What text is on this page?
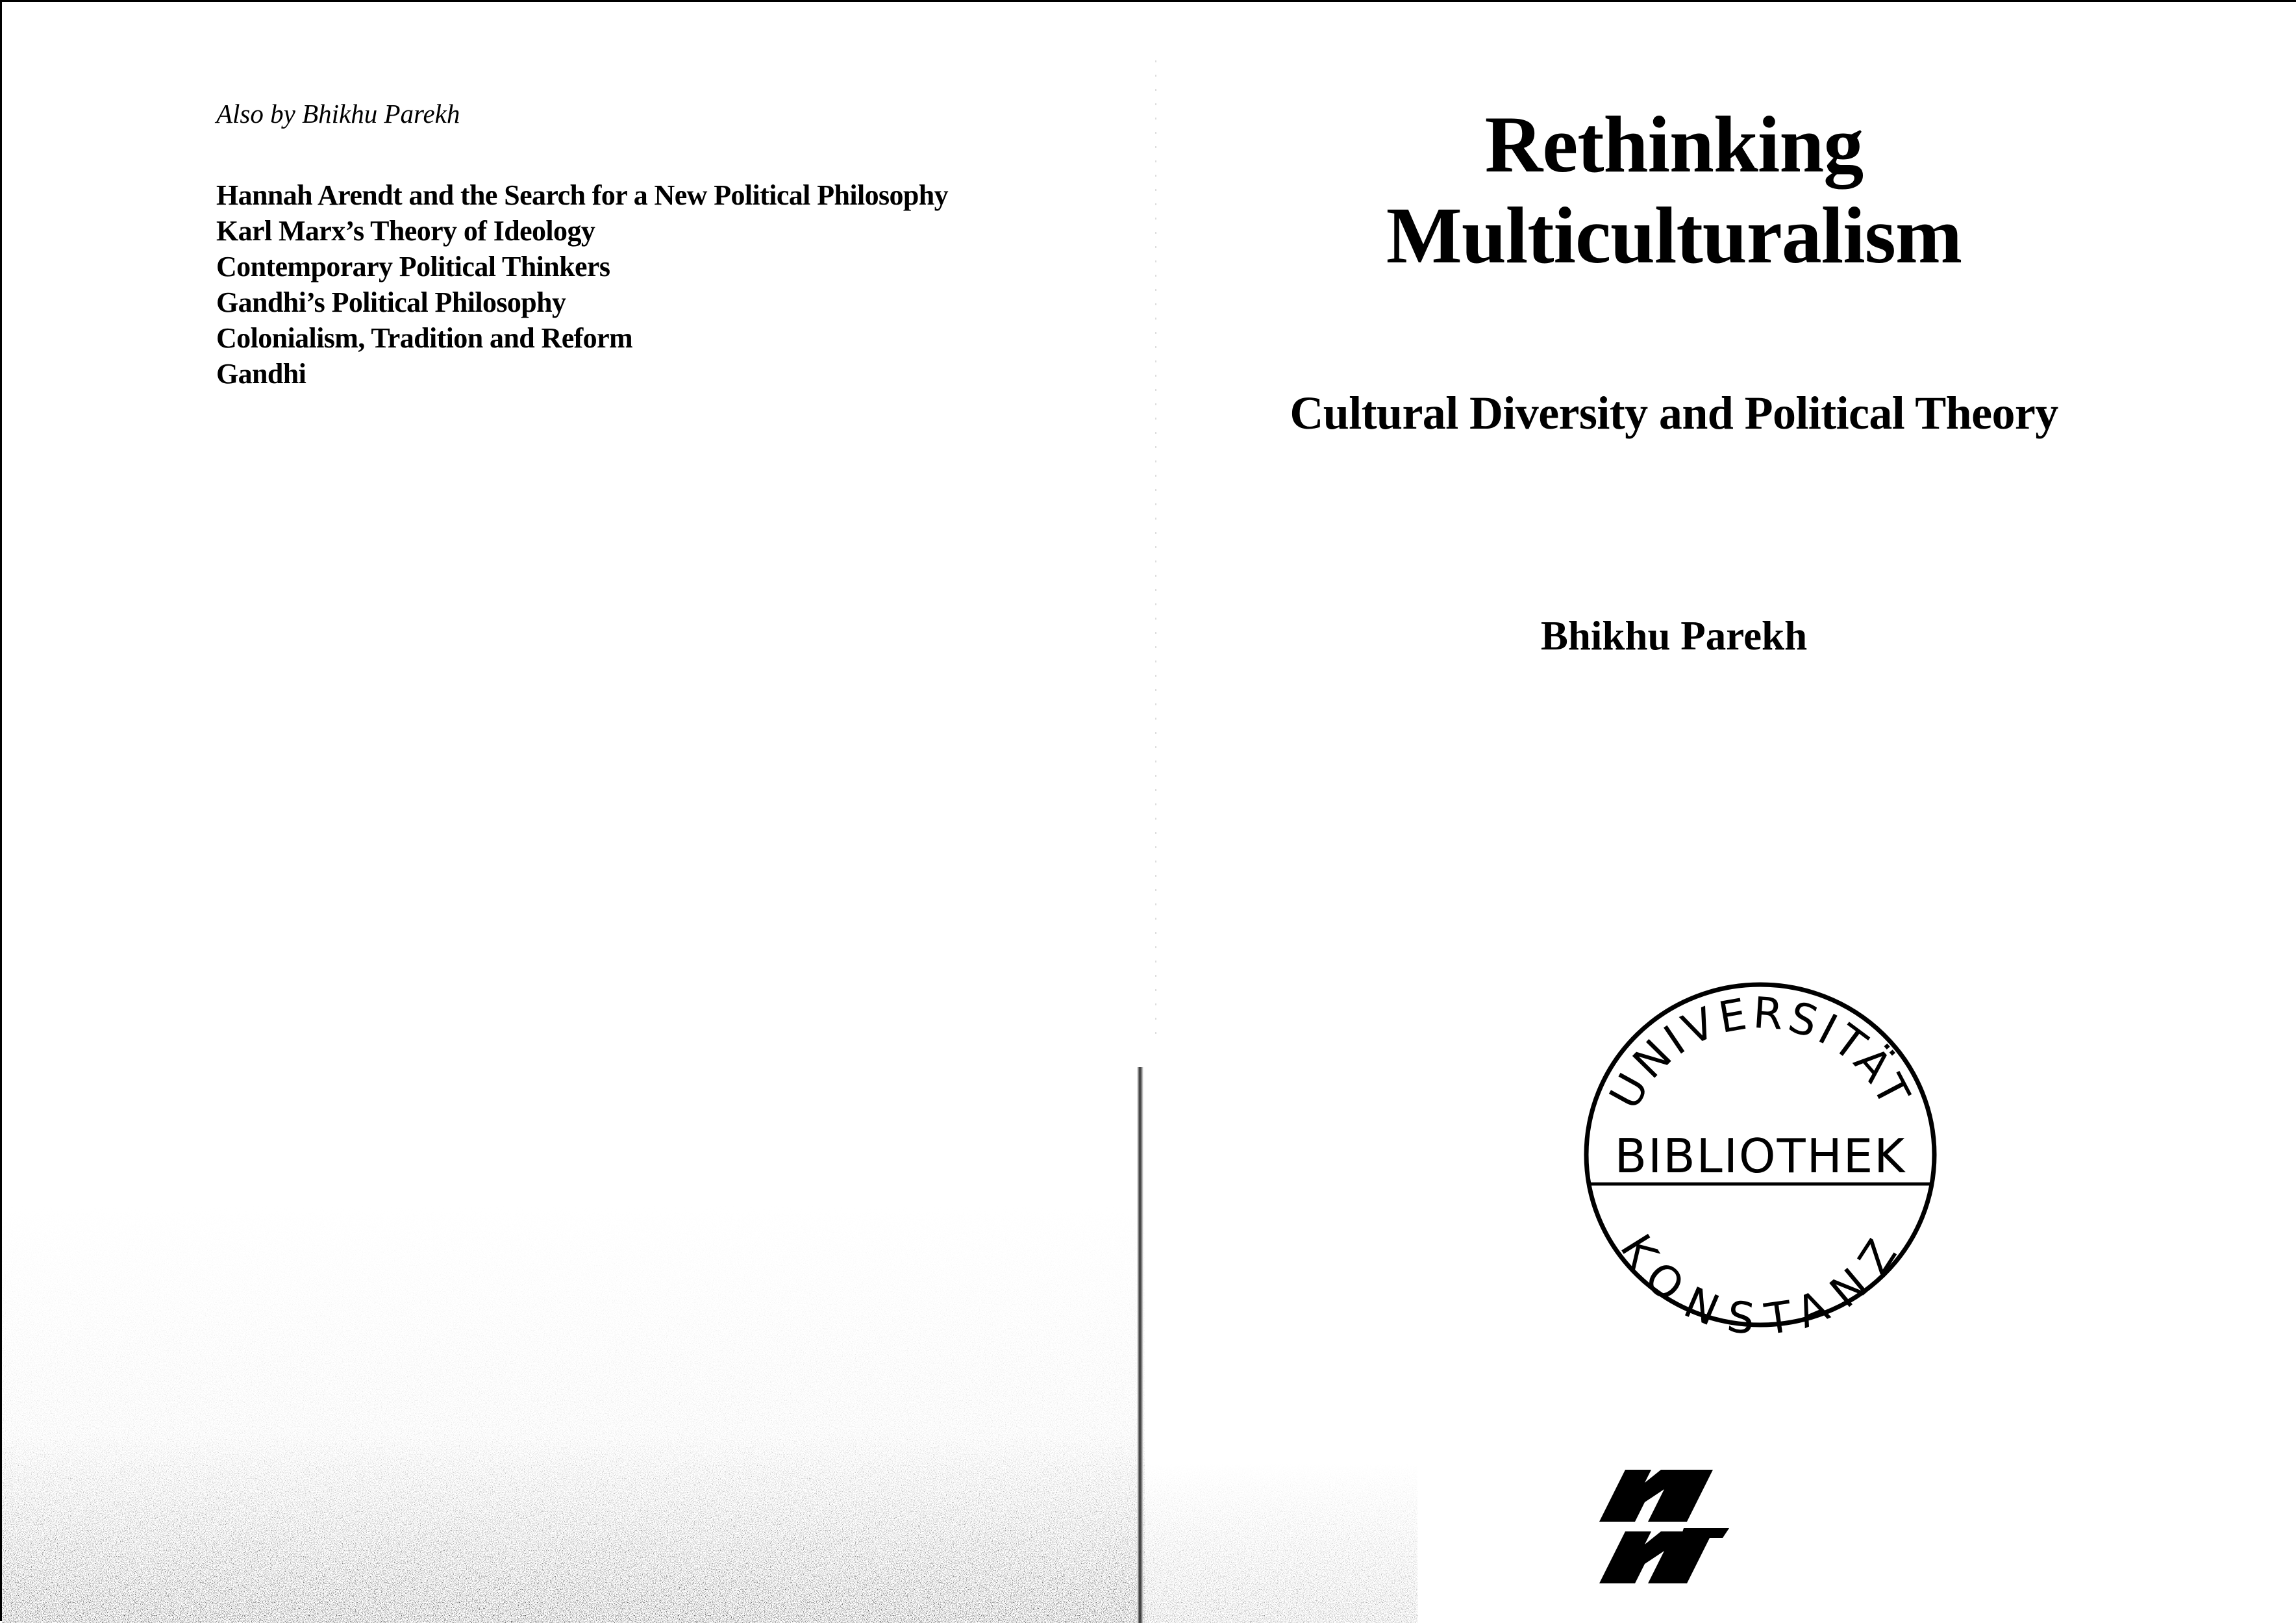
Also by Bhikhu Parekh
Hannah Arendt and the Search for a New Political Philosophy
Karl Marx’s Theory of Ideology
Contemporary Political Thinkers
Gandhi’s Political Philosophy
Colonialism, Tradition and Reform
Gandhi
Rethinking
Multiculturalism
Cultural Diversity and Political Theory
Bhikhu Parekh
UNIVERSITÄT
BIBLIOTHEK
KONSTANZ
